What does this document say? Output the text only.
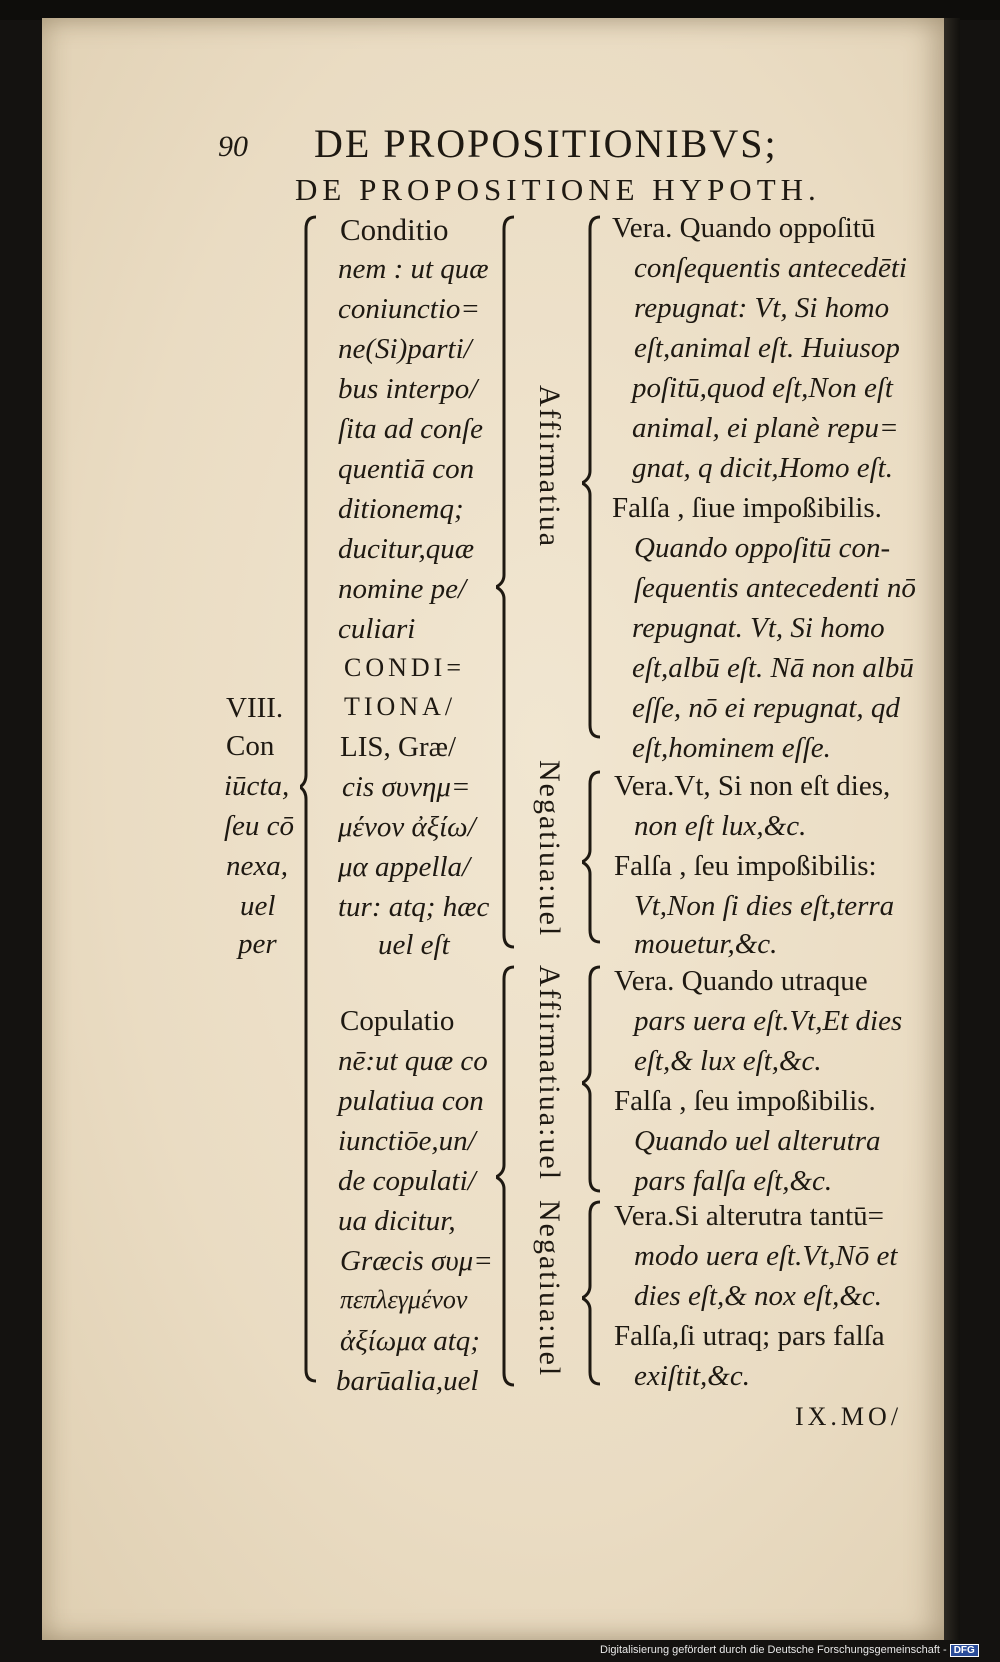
90 DE PROPOSITIONIBVS;
DE PROPOSITIONE HYPOTH.
VIII.
Con
iūcta,
ſeu cō
nexa,
uel
per
Conditio
nem : ut quæ
coniunctio=
ne(Si)parti/
bus interpo/
ſita ad conſe
quentiā con
ditionemq;
ducitur,quæ
nomine pe/
culiari
CONDI=
TIONA/
LIS, Græ/
cis συνημ=
μένον ἀξίω/
μα appella/
tur: atq; hæc
uel eſt
Copulatio
nē:ut quæ co
pulatiua con
iunctiōe,un/
de copulati/
ua dicitur,
Græcis συμ=
πεπλεγμένον
ἀξίωμα atq;
barūalia,uel
Affirmatiua
Negatiua:uel
Affirmatiua:uel
Negatiua:uel
Vera. Quando oppoſitū
conſequentis antecedēti
repugnat: Vt, Si homo
eſt,animal eſt. Huiusop
poſitū,quod eſt,Non eſt
animal, ei planè repu=
gnat, q dicit,Homo eſt.
Falſa , ſiue impoßibilis.
Quando oppoſitū con-
ſequentis antecedenti nō
repugnat. Vt, Si homo
eſt,albū eſt. Nā non albū
eſſe, nō ei repugnat, qd
eſt,hominem eſſe.
Vera.Vt, Si non eſt dies,
non eſt lux,&c.
Falſa , ſeu impoßibilis:
Vt,Non ſi dies eſt,terra
mouetur,&c.
Vera. Quando utraque
pars uera eſt.Vt,Et dies
eſt,& lux eſt,&c.
Falſa , ſeu impoßibilis.
Quando uel alterutra
pars falſa eſt,&c.
Vera.Si alterutra tantū=
modo uera eſt.Vt,Nō et
dies eſt,& nox eſt,&c.
Falſa,ſi utraq; pars falſa
exiſtit,&c.
IX.MO/
Digitalisierung gefördert durch die Deutsche Forschungsgemeinschaft - DFG
